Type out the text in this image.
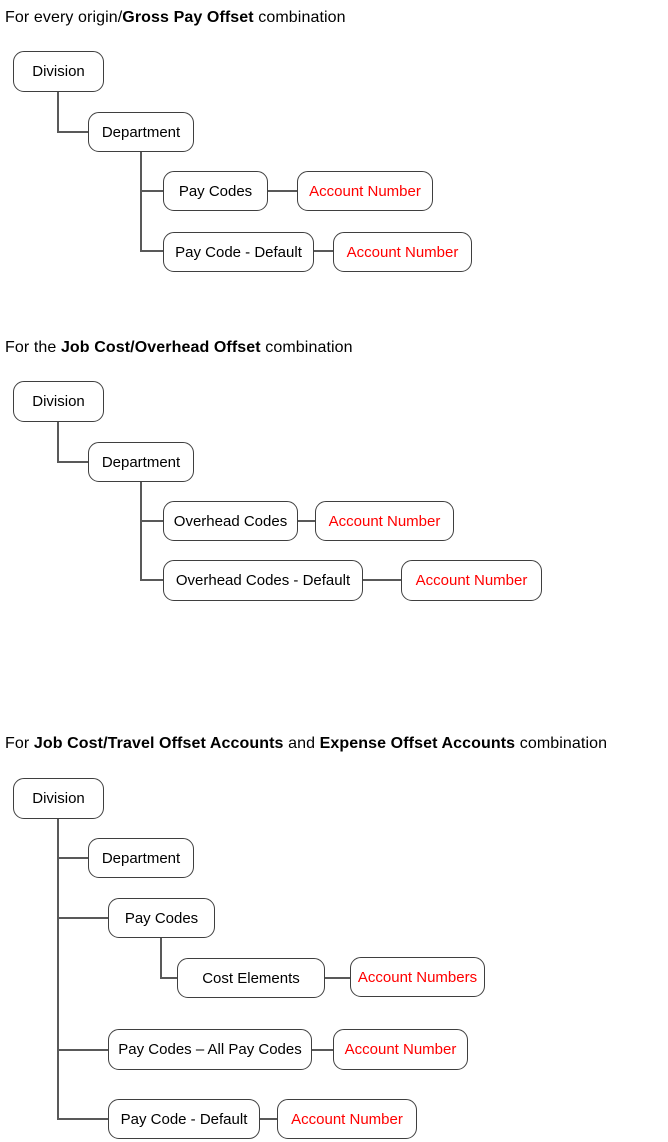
For every origin/Gross Pay Offset combination
Division
Department
Pay Codes	Account Number
Pay Code - Default	Account Number
For the Job Cost/Overhead Offset combination
Division
Department
Overhead Codes	Account Number
Overhead Codes - Default	Account Number
For Job Cost/Travel Offset Accounts and Expense Offset Accounts combination
Division
Department
Pay Codes
Cost Elements	Account Numbers
Pay Codes – All Pay Codes	Account Number
Pay Code - Default	Account Number
